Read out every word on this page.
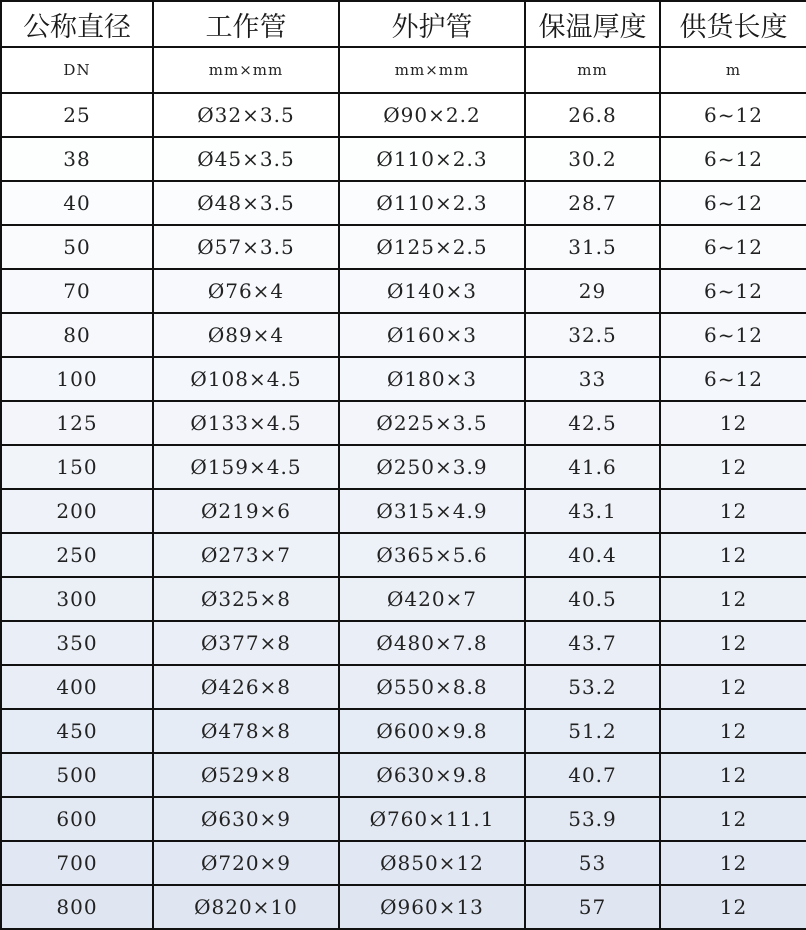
公称直径	工作管	外护管	保温厚度	供货长度
DN	mm×mm	mm×mm	mm	m
25	Ø32×3.5	Ø90×2.2	26.8	6~12
38	Ø45×3.5	Ø110×2.3	30.2	6~12
40	Ø48×3.5	Ø110×2.3	28.7	6~12
50	Ø57×3.5	Ø125×2.5	31.5	6~12
70	Ø76×4	Ø140×3	29	6~12
80	Ø89×4	Ø160×3	32.5	6~12
100	Ø108×4.5	Ø180×3	33	6~12
125	Ø133×4.5	Ø225×3.5	42.5	12
150	Ø159×4.5	Ø250×3.9	41.6	12
200	Ø219×6	Ø315×4.9	43.1	12
250	Ø273×7	Ø365×5.6	40.4	12
300	Ø325×8	Ø420×7	40.5	12
350	Ø377×8	Ø480×7.8	43.7	12
400	Ø426×8	Ø550×8.8	53.2	12
450	Ø478×8	Ø600×9.8	51.2	12
500	Ø529×8	Ø630×9.8	40.7	12
600	Ø630×9	Ø760×11.1	53.9	12
700	Ø720×9	Ø850×12	53	12
800	Ø820×10	Ø960×13	57	12
